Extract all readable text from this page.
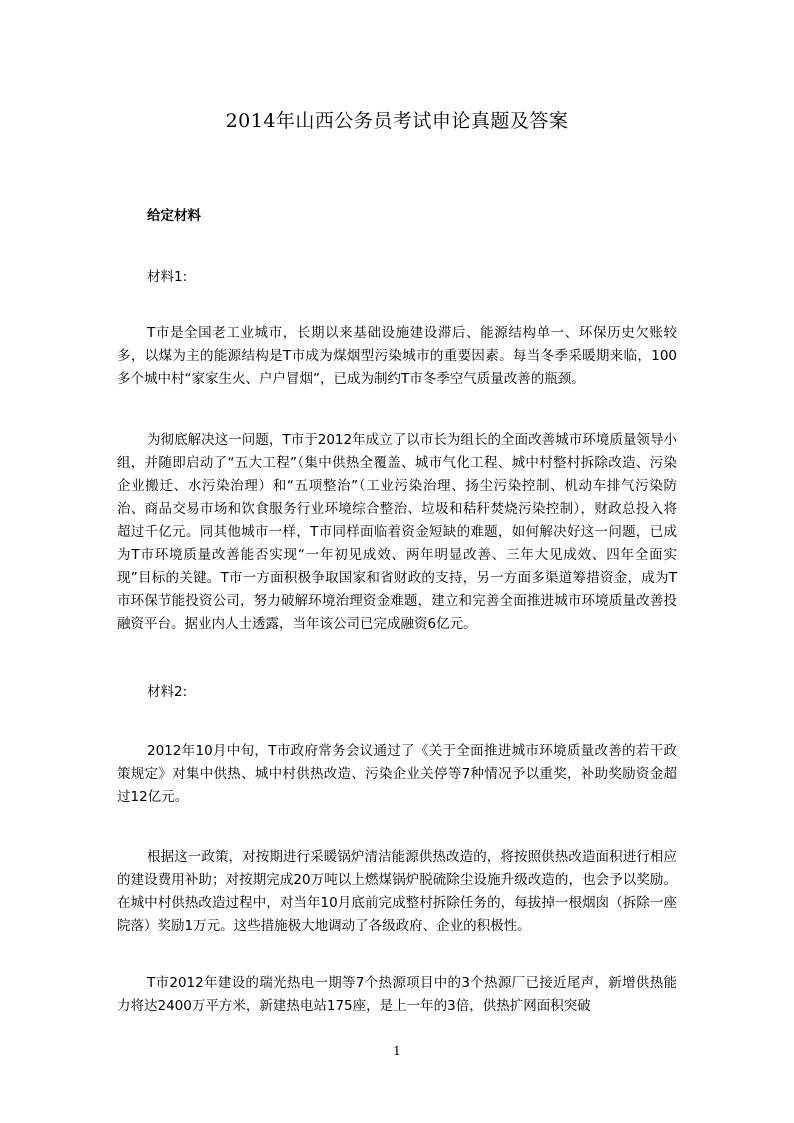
2014年山西公务员考试申论真题及答案
给定材料
材料1:

T市是全国老工业城市，长期以来基础设施建设滞后、能源结构单一、环保历史欠账较多，以煤为主的能源结构是T市成为煤烟型污染城市的重要因素。每当冬季采暖期来临，100多个城中村“家家生火、户户冒烟”，已成为制约T市冬季空气质量改善的瓶颈。

为彻底解决这一问题，T市于2012年成立了以市长为组长的全面改善城市环境质量领导小组，并随即启动了“五大工程”（集中供热全覆盖、城市气化工程、城中村整村拆除改造、污染企业搬迁、水污染治理）和“五项整治”（工业污染治理、扬尘污染控制、机动车排气污染防治、商品交易市场和饮食服务行业环境综合整治、垃圾和秸秆焚烧污染控制），财政总投入将超过千亿元。同其他城市一样，T市同样面临着资金短缺的难题，如何解决好这一问题，已成为T市环境质量改善能否实现“一年初见成效、两年明显改善、三年大见成效、四年全面实现”目标的关键。T市一方面积极争取国家和省财政的支持，另一方面多渠道筹措资金，成为T市环保节能投资公司，努力破解环境治理资金难题，建立和完善全面推进城市环境质量改善投融资平台。据业内人士透露，当年该公司已完成融资6亿元。

材料2:

2012年10月中旬，T市政府常务会议通过了《关于全面推进城市环境质量改善的若干政策规定》对集中供热、城中村供热改造、污染企业关停等7种情况予以重奖，补助奖励资金超过12亿元。

根据这一政策，对按期进行采暖锅炉清洁能源供热改造的，将按照供热改造面积进行相应的建设费用补助；对按期完成20万吨以上燃煤锅炉脱硫除尘设施升级改造的，也会予以奖励。在城中村供热改造过程中，对当年10月底前完成整村拆除任务的，每拔掉一根烟囱（拆除一座院落）奖励1万元。这些措施极大地调动了各级政府、企业的积极性。

T市2012年建设的瑞光热电一期等7个热源项目中的3个热源厂已接近尾声，新增供热能力将达2400万平方米，新建热电站175座，是上一年的3倍，供热扩网面积突破

1
